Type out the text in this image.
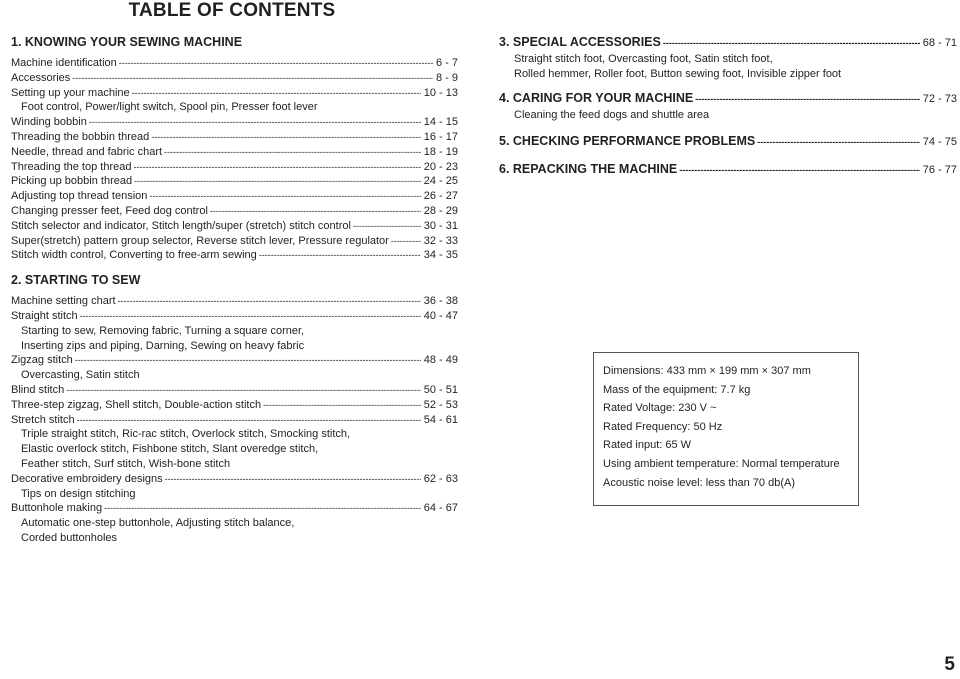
TABLE OF CONTENTS
1. KNOWING YOUR SEWING MACHINE
Machine identification -----	6 - 7
Accessories -----	8 - 9
Setting up your machine -----	10 - 13
Foot control, Power/light switch, Spool pin, Presser foot lever
Winding bobbin -----	14 - 15
Threading the bobbin thread -----	16 - 17
Needle, thread and fabric chart -----	18 - 19
Threading the top thread -----	20 - 23
Picking up bobbin thread -----	24 - 25
Adjusting top thread tension -----	26 - 27
Changing presser feet, Feed dog control -----	28 - 29
Stitch selector and indicator, Stitch length/super (stretch) stitch control -----	30 - 31
Super(stretch) pattern group selector, Reverse stitch lever, Pressure regulator -----	32 - 33
Stitch width control, Converting to free-arm sewing -----	34 - 35
2. STARTING TO SEW
Machine setting chart -----	36 - 38
Straight stitch -----	40 - 47
Starting to sew, Removing fabric, Turning a square corner,
Inserting zips and piping, Darning, Sewing on heavy fabric
Zigzag stitch -----	48 - 49
Overcasting, Satin stitch
Blind stitch -----	50 - 51
Three-step zigzag, Shell stitch, Double-action stitch -----	52 - 53
Stretch stitch -----	54 - 61
Triple straight stitch, Ric-rac stitch, Overlock stitch, Smocking stitch,
Elastic overlock stitch, Fishbone stitch, Slant overedge stitch,
Feather stitch, Surf stitch, Wish-bone stitch
Decorative embroidery designs -----	62 - 63
Tips on design stitching
Buttonhole making -----	64 - 67
Automatic one-step buttonhole, Adjusting stitch balance,
Corded buttonholes
3. SPECIAL ACCESSORIES -----	68 - 71
Straight stitch foot, Overcasting foot, Satin stitch foot,
Rolled hemmer, Roller foot, Button sewing foot, Invisible zipper foot
4. CARING FOR YOUR MACHINE -----	72 - 73
Cleaning the feed dogs and shuttle area
5. CHECKING PERFORMANCE PROBLEMS -----	74 - 75
6. REPACKING THE MACHINE -----	76 - 77
Dimensions: 433 mm × 199 mm × 307 mm
Mass of the equipment: 7.7 kg
Rated Voltage: 230 V ~
Rated Frequency: 50 Hz
Rated input: 65 W
Using ambient temperature: Normal temperature
Acoustic noise level: less than 70 db(A)
5
